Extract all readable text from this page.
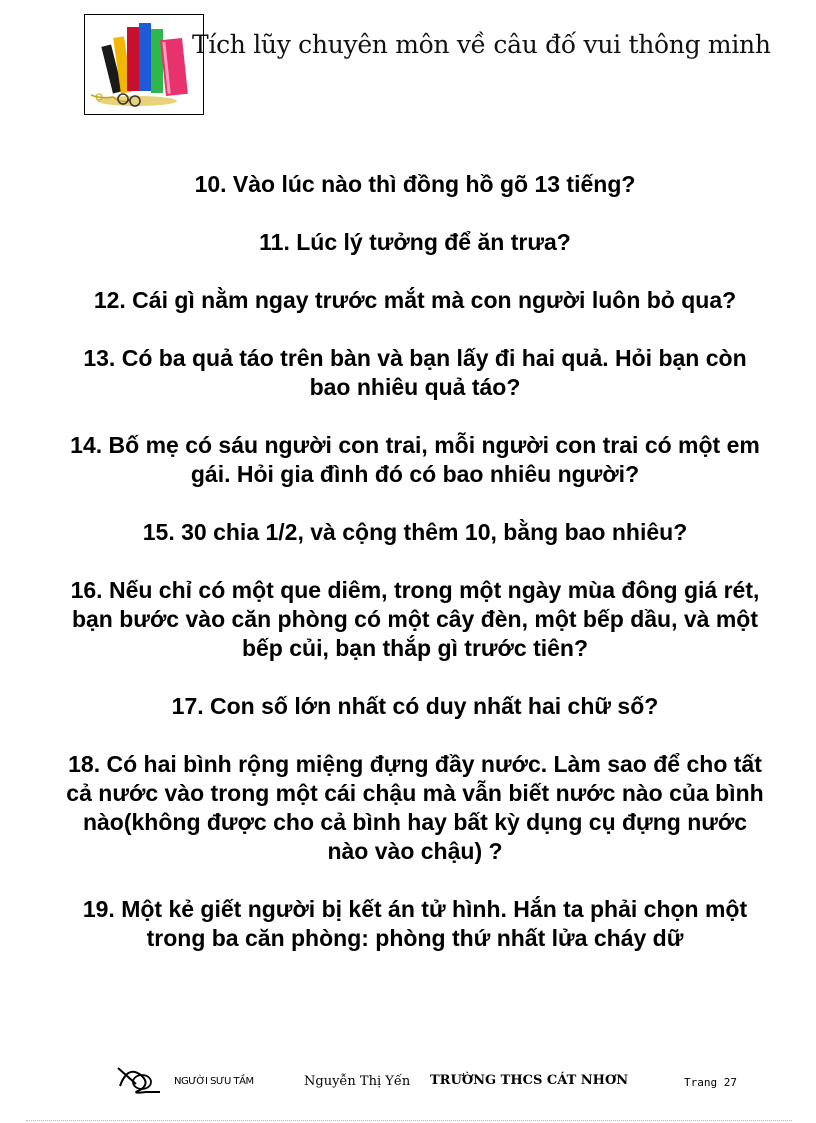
Tích lũy chuyên môn về câu đố vui thông minh

10. Vào lúc nào thì đồng hồ gõ 13 tiếng?

11. Lúc lý tưởng để ăn trưa?

12. Cái gì nằm ngay trước mắt mà con người luôn bỏ qua?

13. Có ba quả táo trên bàn và bạn lấy đi hai quả. Hỏi bạn còn bao nhiêu quả táo?

14. Bố mẹ có sáu người con trai, mỗi người con trai có một em gái. Hỏi gia đình đó có bao nhiêu người?

15. 30 chia 1/2, và cộng thêm 10, bằng bao nhiêu?

16. Nếu chỉ có một que diêm, trong một ngày mùa đông giá rét, bạn bước vào căn phòng có một cây đèn, một bếp dầu, và một bếp củi, bạn thắp gì trước tiên?

17. Con số lớn nhất có duy nhất hai chữ số?

18. Có hai bình rộng miệng đựng đầy nước. Làm sao để cho tất cả nước vào trong một cái chậu mà vẫn biết nước nào của bình nào(không được cho cả bình hay bất kỳ dụng cụ đựng nước nào vào chậu) ?

19. Một kẻ giết người bị kết án tử hình. Hắn ta phải chọn một trong ba căn phòng: phòng thứ nhất lửa cháy dữ

NGƯỜI SƯU TẦM	Nguyễn Thị Yến TRƯỜNG THCS CÁT NHƠN	Trang 27
